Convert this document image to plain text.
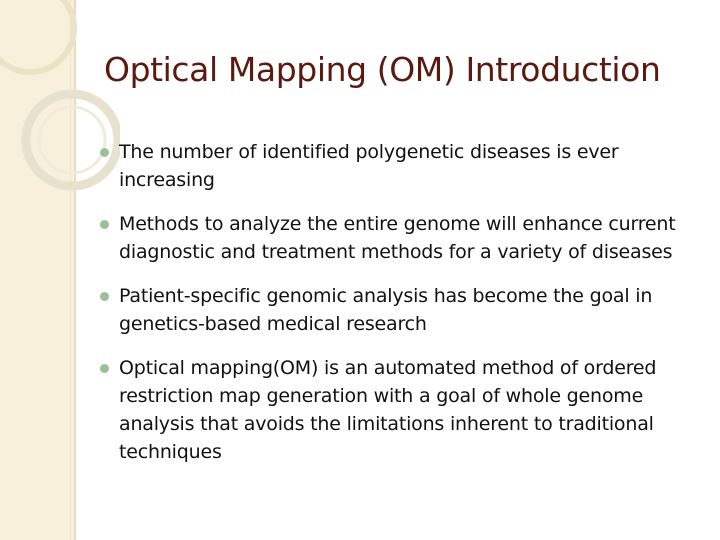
Optical Mapping (OM) Introduction
The number of identified polygenetic diseases is ever increasing
Methods to analyze the entire genome will enhance current diagnostic and treatment methods for a variety of diseases
Patient-specific genomic analysis has become the goal in genetics-based medical research
Optical mapping(OM) is an automated method of ordered restriction map generation with a goal of whole genome analysis that avoids the limitations inherent to traditional techniques
